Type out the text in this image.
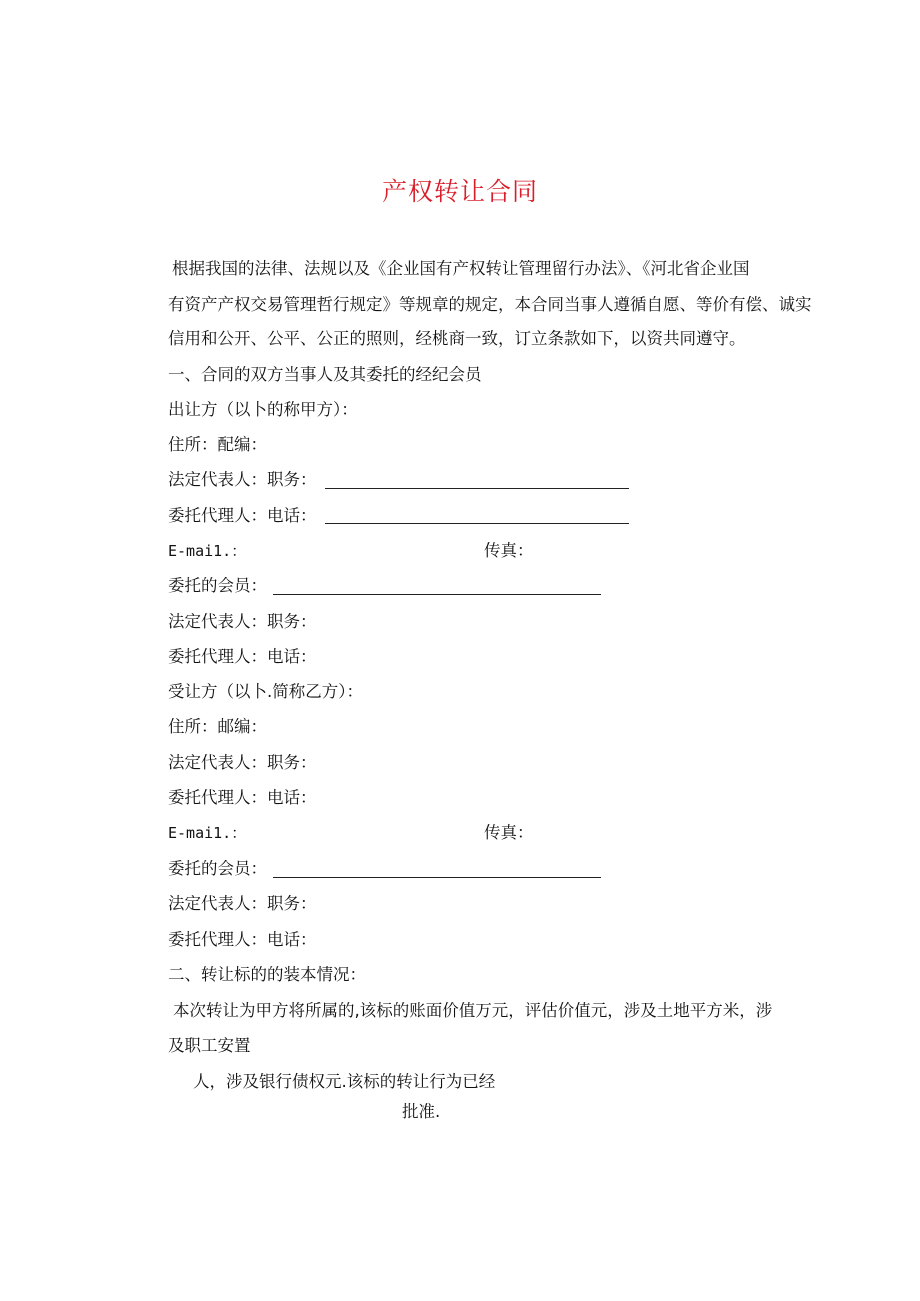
产权转让合同
根据我国的法律、法规以及《企业国有产权转让管理留行办法》、《河北省企业国
有资产产权交易管理哲行规定》等规章的规定，本合同当事人遵循自愿、等价有偿、诚实
信用和公开、公平、公正的照则，经桃商一致，订立条款如下，以资共同遵守。
一、合同的双方当事人及其委托的经纪会员
出让方（以卜的称甲方）：
住所：配编：
法定代表人：职务：
委托代理人：电话：
E-mai1.：	传真：
委托的会员：
法定代表人：职务：
委托代理人：电话：
受让方（以卜.简称乙方）：
住所：邮编：
法定代表人：职务：
委托代理人：电话：
E-mai1.：	传真：
委托的会员：
法定代表人：职务：
委托代理人：电话：
二、转让标的的装本情况：
本次转让为甲方将所属的,该标的账面价值万元，评估价值元，涉及土地平方米，涉
及职工安置
人，涉及银行债权元.该标的转让行为已经
批准.
